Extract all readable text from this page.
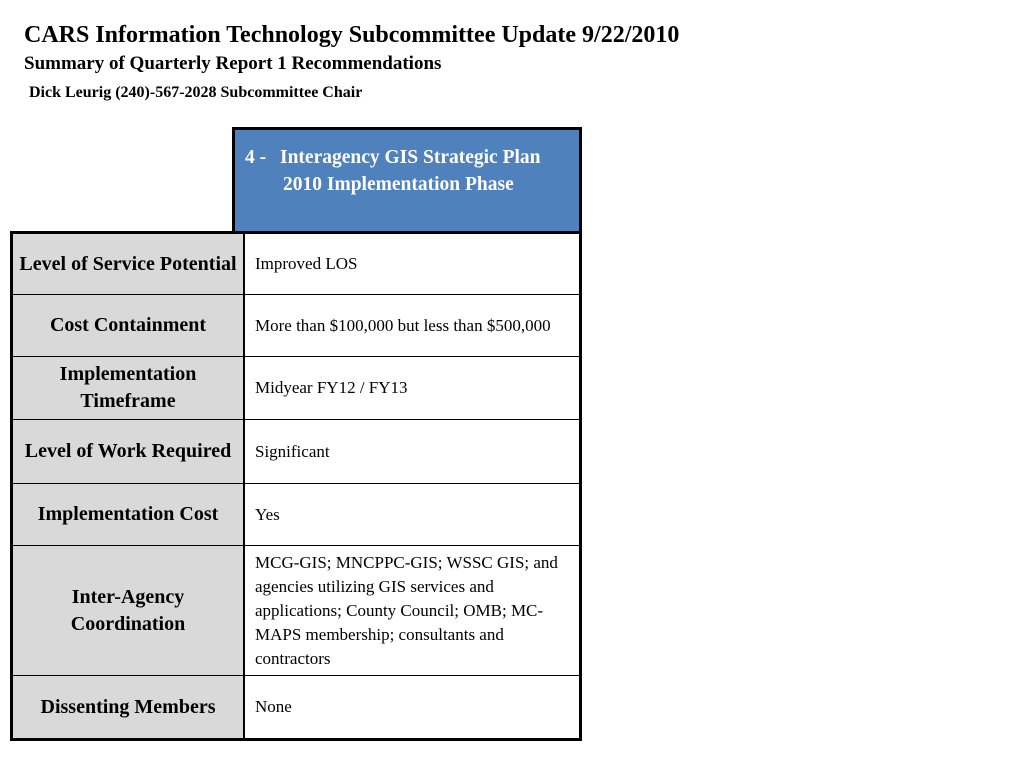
CARS Information Technology Subcommittee Update 9/22/2010
Summary of Quarterly Report 1 Recommendations
Dick Leurig (240)-567-2028 Subcommittee Chair
4 - Interagency GIS Strategic Plan 2010 Implementation Phase
Level of Service Potential	Improved LOS
Cost Containment	More than $100,000 but less than $500,000
Implementation Timeframe	Midyear FY12 / FY13
Level of Work Required	Significant
Implementation Cost	Yes
Inter-Agency Coordination	MCG-GIS; MNCPPC-GIS; WSSC GIS; and agencies utilizing GIS services and applications; County Council; OMB; MC-MAPS membership; consultants and contractors
Dissenting Members	None
